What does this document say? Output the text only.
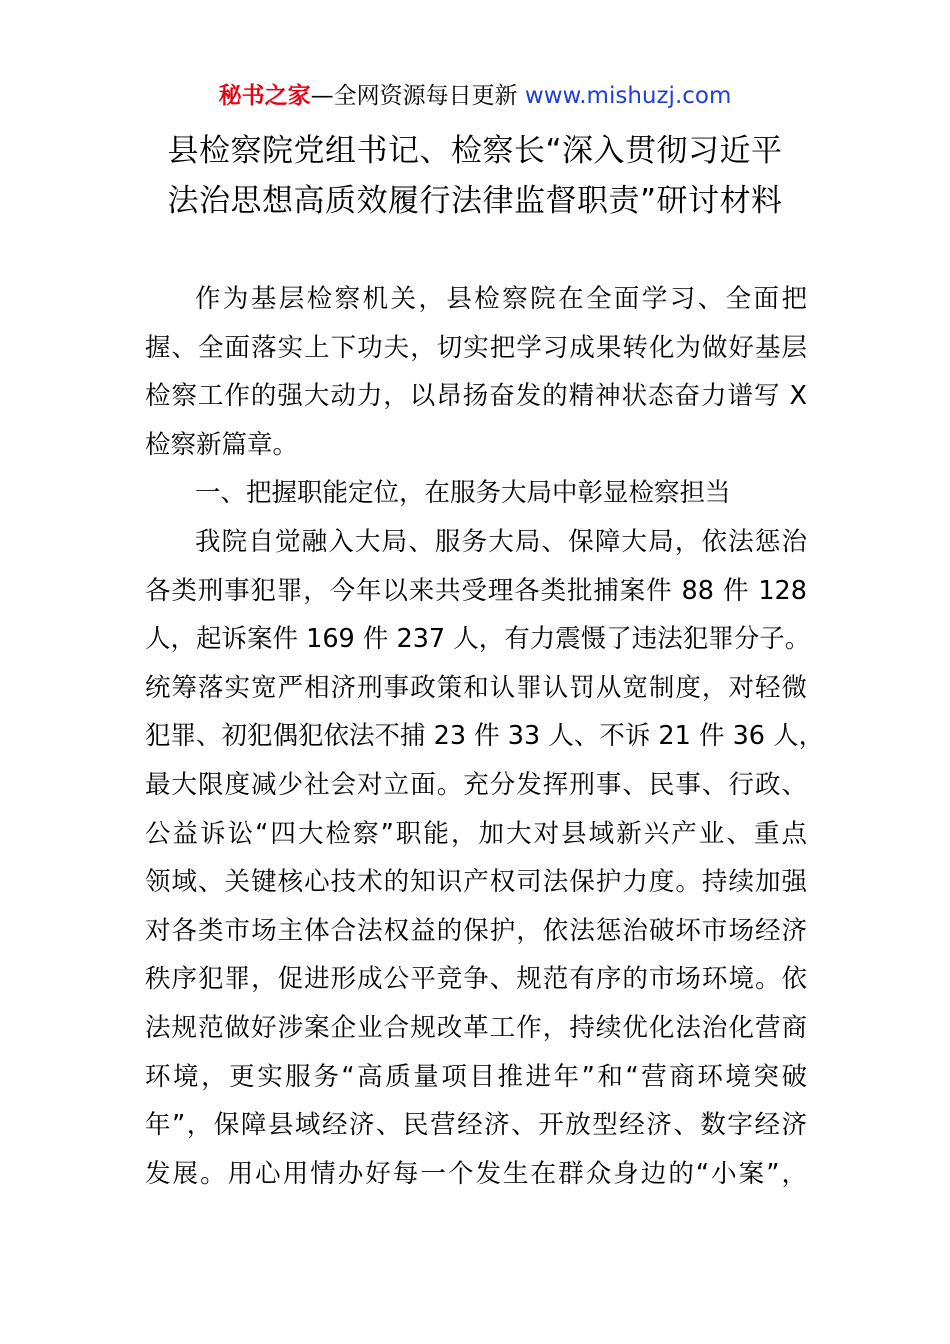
秘书之家—全网资源每日更新 www.mishuzj.com
县检察院党组书记、检察长“深入贯彻习近平
法治思想高质效履行法律监督职责”研讨材料
作为基层检察机关，县检察院在全面学习、全面把
握、全面落实上下功夫，切实把学习成果转化为做好基层
检察工作的强大动力，以昂扬奋发的精神状态奋力谱写 X
检察新篇章。
一、把握职能定位，在服务大局中彰显检察担当
我院自觉融入大局、服务大局、保障大局，依法惩治
各类刑事犯罪，今年以来共受理各类批捕案件 88 件 128
人，起诉案件 169 件 237 人，有力震慑了违法犯罪分子。
统筹落实宽严相济刑事政策和认罪认罚从宽制度，对轻微
犯罪、初犯偶犯依法不捕 23 件 33 人、不诉 21 件 36 人，
最大限度减少社会对立面。充分发挥刑事、民事、行政、
公益诉讼“四大检察”职能，加大对县域新兴产业、重点
领域、关键核心技术的知识产权司法保护力度。持续加强
对各类市场主体合法权益的保护，依法惩治破坏市场经济
秩序犯罪，促进形成公平竞争、规范有序的市场环境。依
法规范做好涉案企业合规改革工作，持续优化法治化营商
环境，更实服务“高质量项目推进年”和“营商环境突破
年”，保障县域经济、民营经济、开放型经济、数字经济
发展。用心用情办好每一个发生在群众身边的“小案”，
